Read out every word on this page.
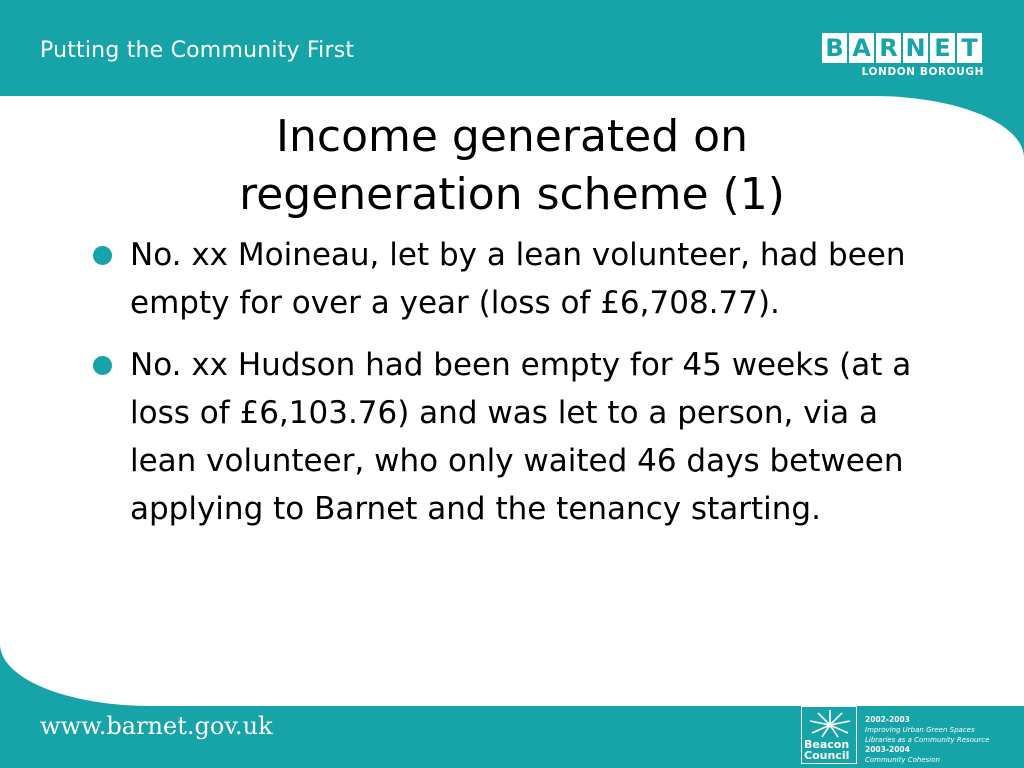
Putting the Community First	B A R N E T
LONDON BOROUGH
Income generated on
regeneration scheme (1)
No. xx Moineau, let by a lean volunteer, had been empty for over a year (loss of £6,708.77).
No. xx Hudson had been empty for 45 weeks (at a loss of £6,103.76) and was let to a person, via a lean volunteer, who only waited 46 days between applying to Barnet and the tenancy starting.
www.barnet.gov.uk
Beacon
Council
2002-2003
Improving Urban Green Spaces
Libraries as a Community Resource
2003-2004
Community Cohesion
